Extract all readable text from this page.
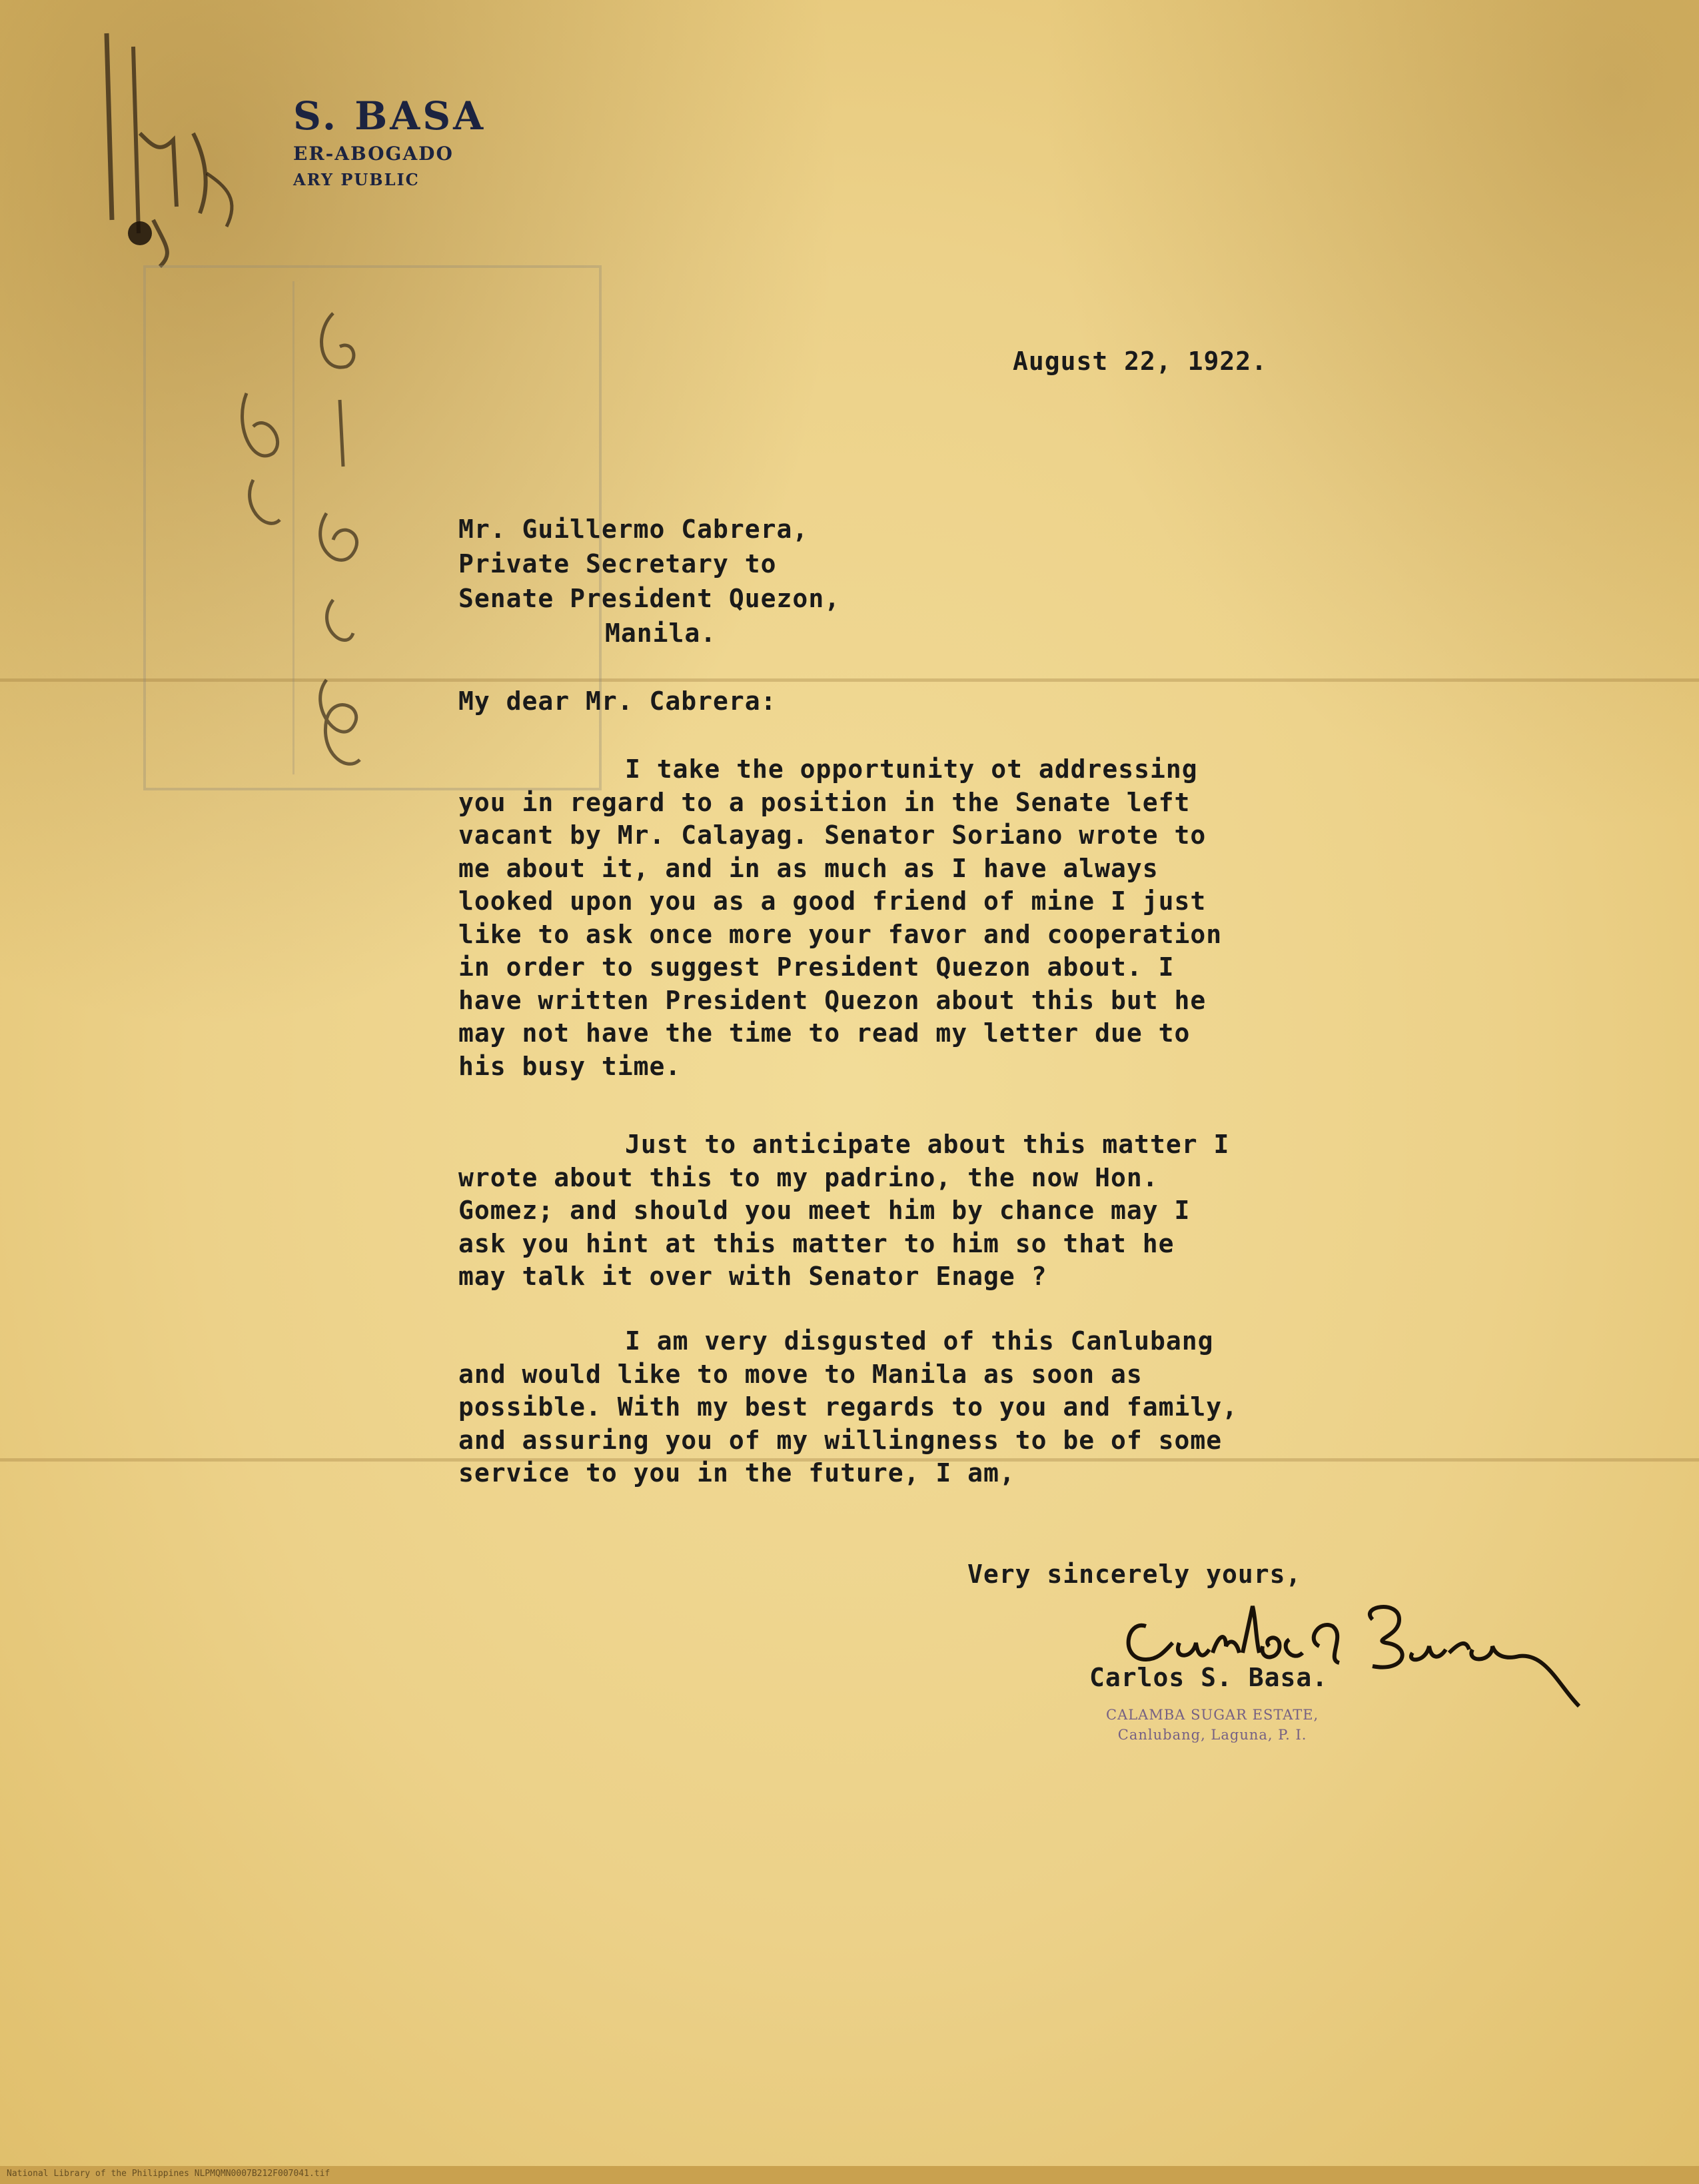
S. BASA
ER-ABOGADO
ARY PUBLIC
August 22, 1922.
Mr. Guillermo Cabrera,
Private Secretary to
Senate President Quezon,
Manila.
My dear Mr. Cabrera:
I take the opportunity ot addressing
you in regard to a position in the Senate left
vacant by Mr. Calayag. Senator Soriano wrote to
me about it, and in as much as I have always
looked upon you as a good friend of mine I just
like to ask once more your favor and cooperation
in order to suggest President Quezon about. I
have written President Quezon about this but he
may not have the time to read my letter due to
his busy time.
Just to anticipate about this matter I
wrote about this to my padrino, the now Hon.
Gomez; and should you meet him by chance may I
ask you hint at this matter to him so that he
may talk it over with Senator Enage ?
I am very disgusted of this Canlubang
and would like to move to Manila as soon as
possible. With my best regards to you and family,
and assuring you of my willingness to be of some
service to you in the future, I am,
Very sincerely yours,
Carlos S. Basa.
CALAMBA SUGAR ESTATE,
Canlubang, Laguna, P. I.
National Library of the Philippines NLPMQMN0007B212F007041.tif
